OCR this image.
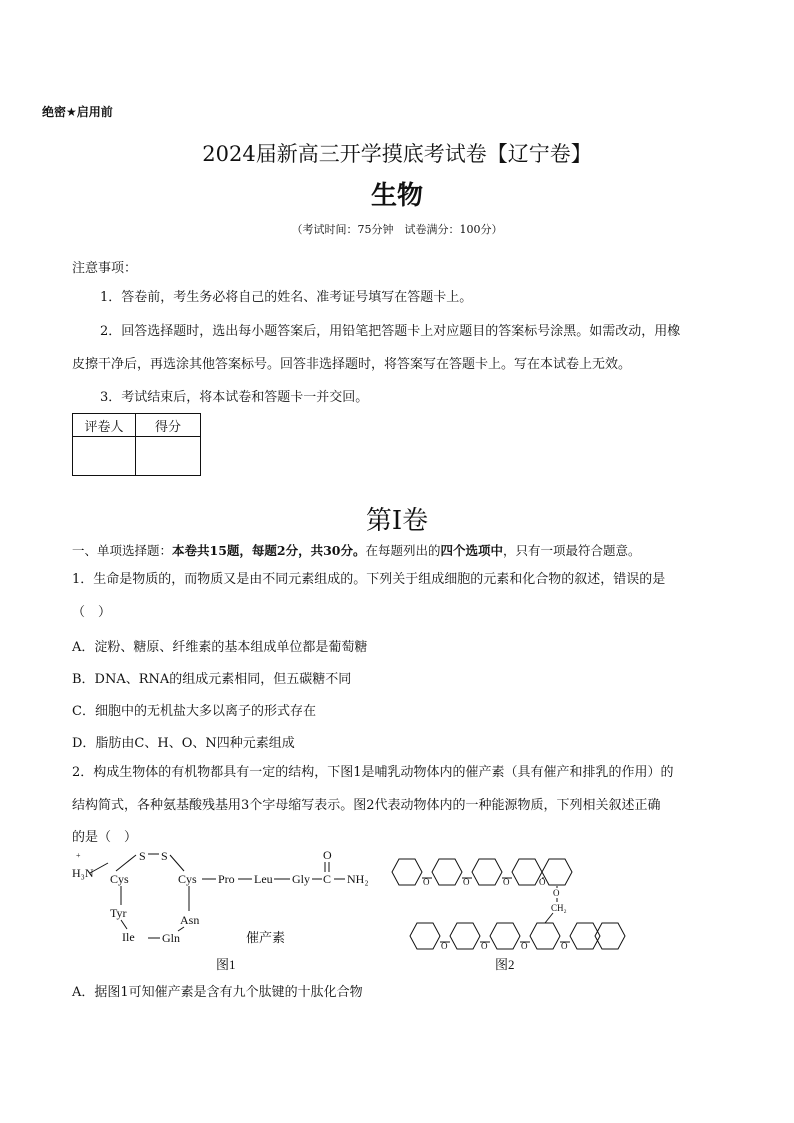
绝密★启用前
2024届新高三开学摸底考试卷【辽宁卷】
生物
（考试时间：75分钟　试卷满分：100分）
注意事项：
1．答卷前，考生务必将自己的姓名、准考证号填写在答题卡上。
2．回答选择题时，选出每小题答案后，用铅笔把答题卡上对应题目的答案标号涂黑。如需改动，用橡
皮擦干净后，再选涂其他答案标号。回答非选择题时，将答案写在答题卡上。写在本试卷上无效。
3．考试结束后，将本试卷和答题卡一并交回。
评卷人	得分

第Ⅰ卷
一、单项选择题：本卷共15题，每题2分，共30分。在每题列出的四个选项中，只有一项最符合题意。
1．生命是物质的，而物质又是由不同元素组成的。下列关于组成细胞的元素和化合物的叙述，错误的是
（　）
A．淀粉、糖原、纤维素的基本组成单位都是葡萄糖
B．DNA、RNA的组成元素相同，但五碳糖不同
C．细胞中的无机盐大多以离子的形式存在
D．脂肪由C、H、O、N四种元素组成
2．构成生物体的有机物都具有一定的结构，下图1是哺乳动物体内的催产素（具有催产和排乳的作用）的
结构简式，各种氨基酸残基用3个字母缩写表示。图2代表动物体内的一种能源物质，下列相关叙述正确
的是（　）
+
H₃N Cys
S S
Cys Pro Leu Gly C
O
NH₂
Tyr
Ile Gln
Asn
催产素
图1
O	O	O	O
O
CH₂
O	O	O	O
图2
A．据图1可知催产素是含有九个肽键的十肽化合物
